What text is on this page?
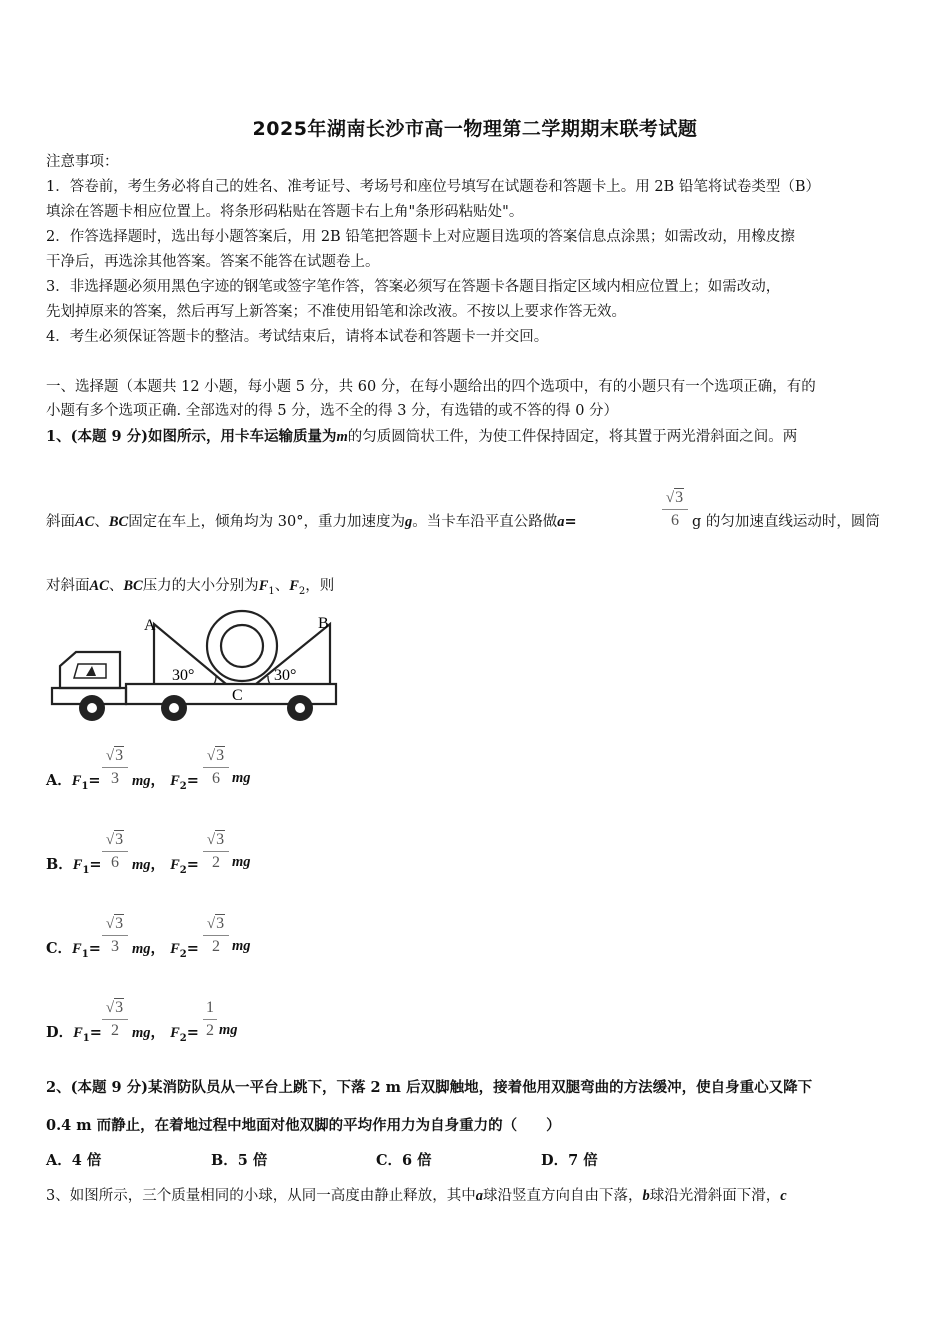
2025年湖南长沙市高一物理第二学期期末联考试题
注意事项：
1．答卷前，考生务必将自己的姓名、准考证号、考场号和座位号填写在试题卷和答题卡上。用 2B 铅笔将试卷类型（B）
填涂在答题卡相应位置上。将条形码粘贴在答题卡右上角"条形码粘贴处"。
2．作答选择题时，选出每小题答案后，用 2B 铅笔把答题卡上对应题目选项的答案信息点涂黑；如需改动，用橡皮擦
干净后，再选涂其他答案。答案不能答在试题卷上。
3．非选择题必须用黑色字迹的钢笔或签字笔作答，答案必须写在答题卡各题目指定区域内相应位置上；如需改动，
先划掉原来的答案，然后再写上新答案；不准使用铅笔和涂改液。不按以上要求作答无效。
4．考生必须保证答题卡的整洁。考试结束后，请将本试卷和答题卡一并交回。
一、选择题（本题共 12 小题，每小题 5 分，共 60 分，在每小题给出的四个选项中，有的小题只有一个选项正确，有的
小题有多个选项正确. 全部选对的得 5 分，选不全的得 3 分，有选错的或不答的得 0 分）
1、(本题 9 分)如图所示，用卡车运输质量为m的匀质圆筒状工件，为使工件保持固定，将其置于两光滑斜面之间。两
斜面AC、BC固定在车上，倾角均为 30°，重力加速度为g。当卡车沿平直公路做a=
√3
6 g 的匀加速直线运动时，圆筒
对斜面AC、BC压力的大小分别为$F_1$、$F_2$，则
A	B
C
30°	30°
A．$F_1=$
√3
3 mg， $F_2=$
√3
6 mg
B．$F_1=$
√3
6 mg， $F_2=$
√3
2 mg
C．$F_1=$
√3
3 mg， $F_2=$
√3
2 mg
D．$F_1=$
√3
2 mg， $F_2=$
1
2 mg
2、(本题 9 分)某消防队员从一平台上跳下，下落 2 m 后双脚触地，接着他用双腿弯曲的方法缓冲，使自身重心又降下
0.4 m 而静止，在着地过程中地面对他双脚的平均作用力为自身重力的（　　）
A．4 倍	B．5 倍	C．6 倍	D．7 倍
3、如图所示，三个质量相同的小球，从同一高度由静止释放，其中a球沿竖直方向自由下落，b球沿光滑斜面下滑，c
